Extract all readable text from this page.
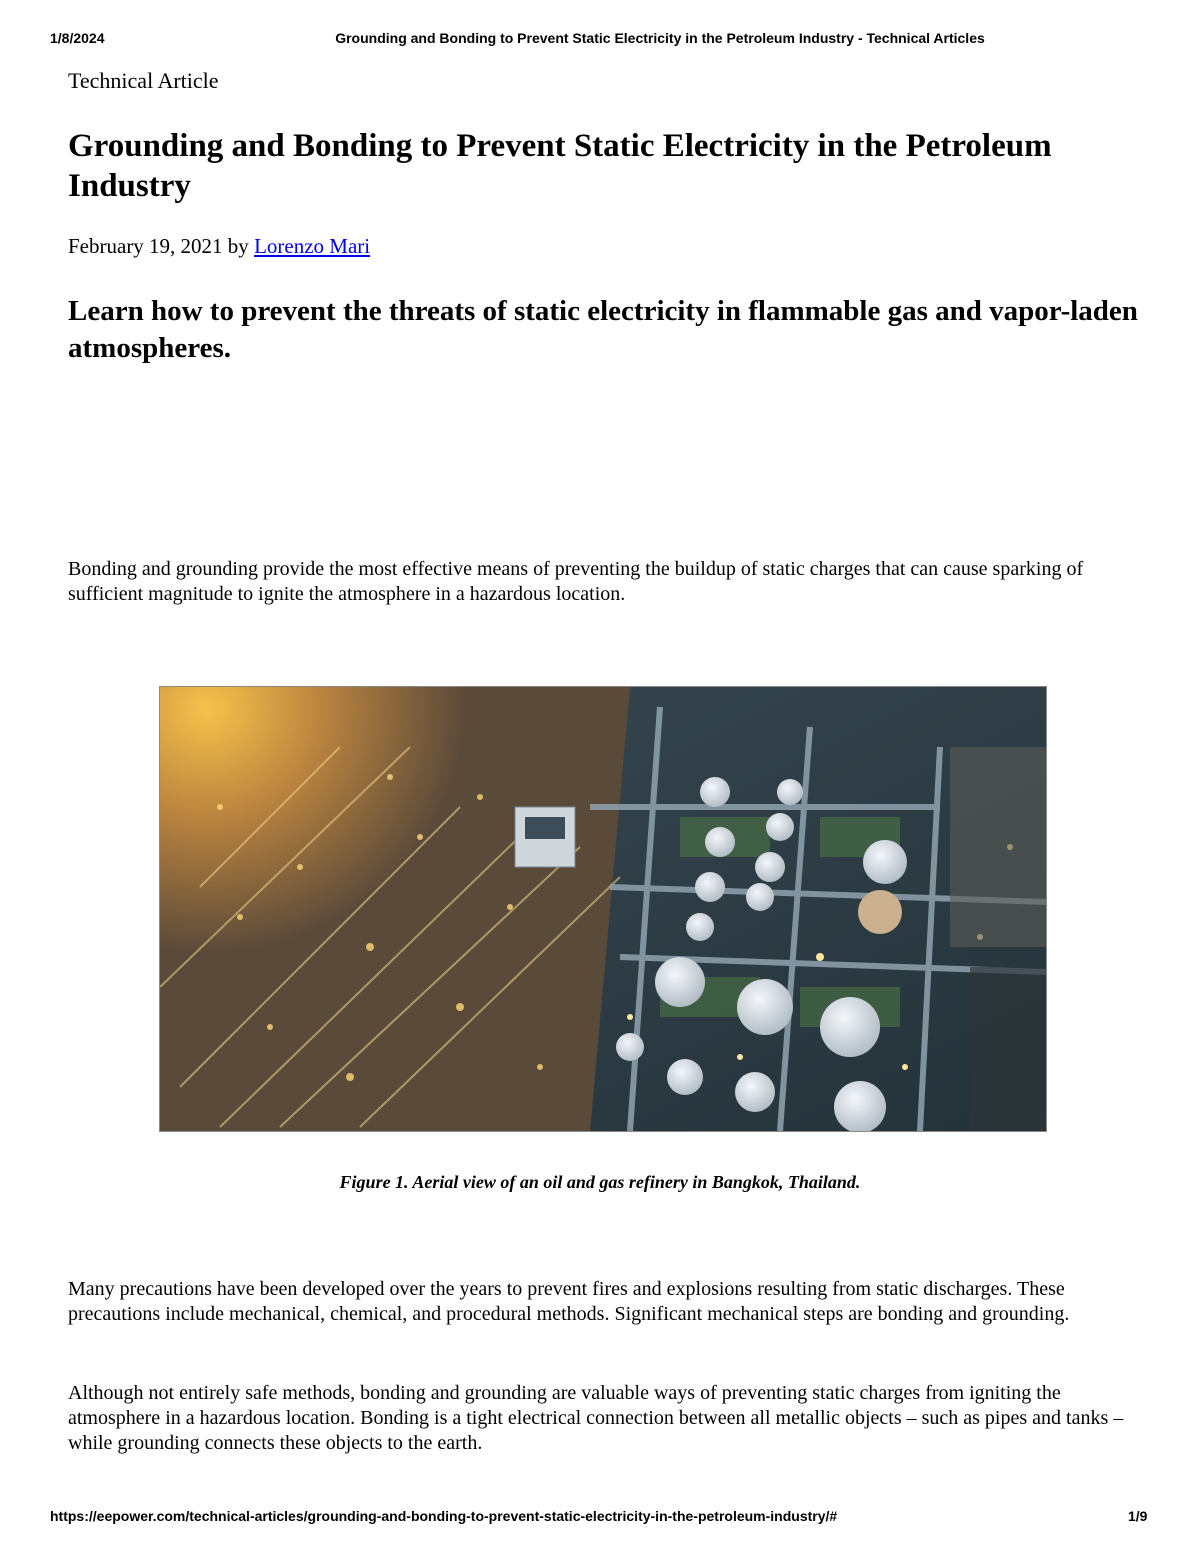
1/8/2024	Grounding and Bonding to Prevent Static Electricity in the Petroleum Industry - Technical Articles
Technical Article
Grounding and Bonding to Prevent Static Electricity in the Petroleum Industry
February 19, 2021 by Lorenzo Mari
Learn how to prevent the threats of static electricity in flammable gas and vapor-laden atmospheres.

Bonding and grounding provide the most effective means of preventing the buildup of static charges that can cause sparking of sufficient magnitude to ignite the atmosphere in a hazardous location.

Figure 1. Aerial view of an oil and gas refinery in Bangkok, Thailand.

Many precautions have been developed over the years to prevent fires and explosions resulting from static discharges. These precautions include mechanical, chemical, and procedural methods. Significant mechanical steps are bonding and grounding.

Although not entirely safe methods, bonding and grounding are valuable ways of preventing static charges from igniting the atmosphere in a hazardous location. Bonding is a tight electrical connection between all metallic objects – such as pipes and tanks – while grounding connects these objects to the earth.

https://eepower.com/technical-articles/grounding-and-bonding-to-prevent-static-electricity-in-the-petroleum-industry/#	1/9
